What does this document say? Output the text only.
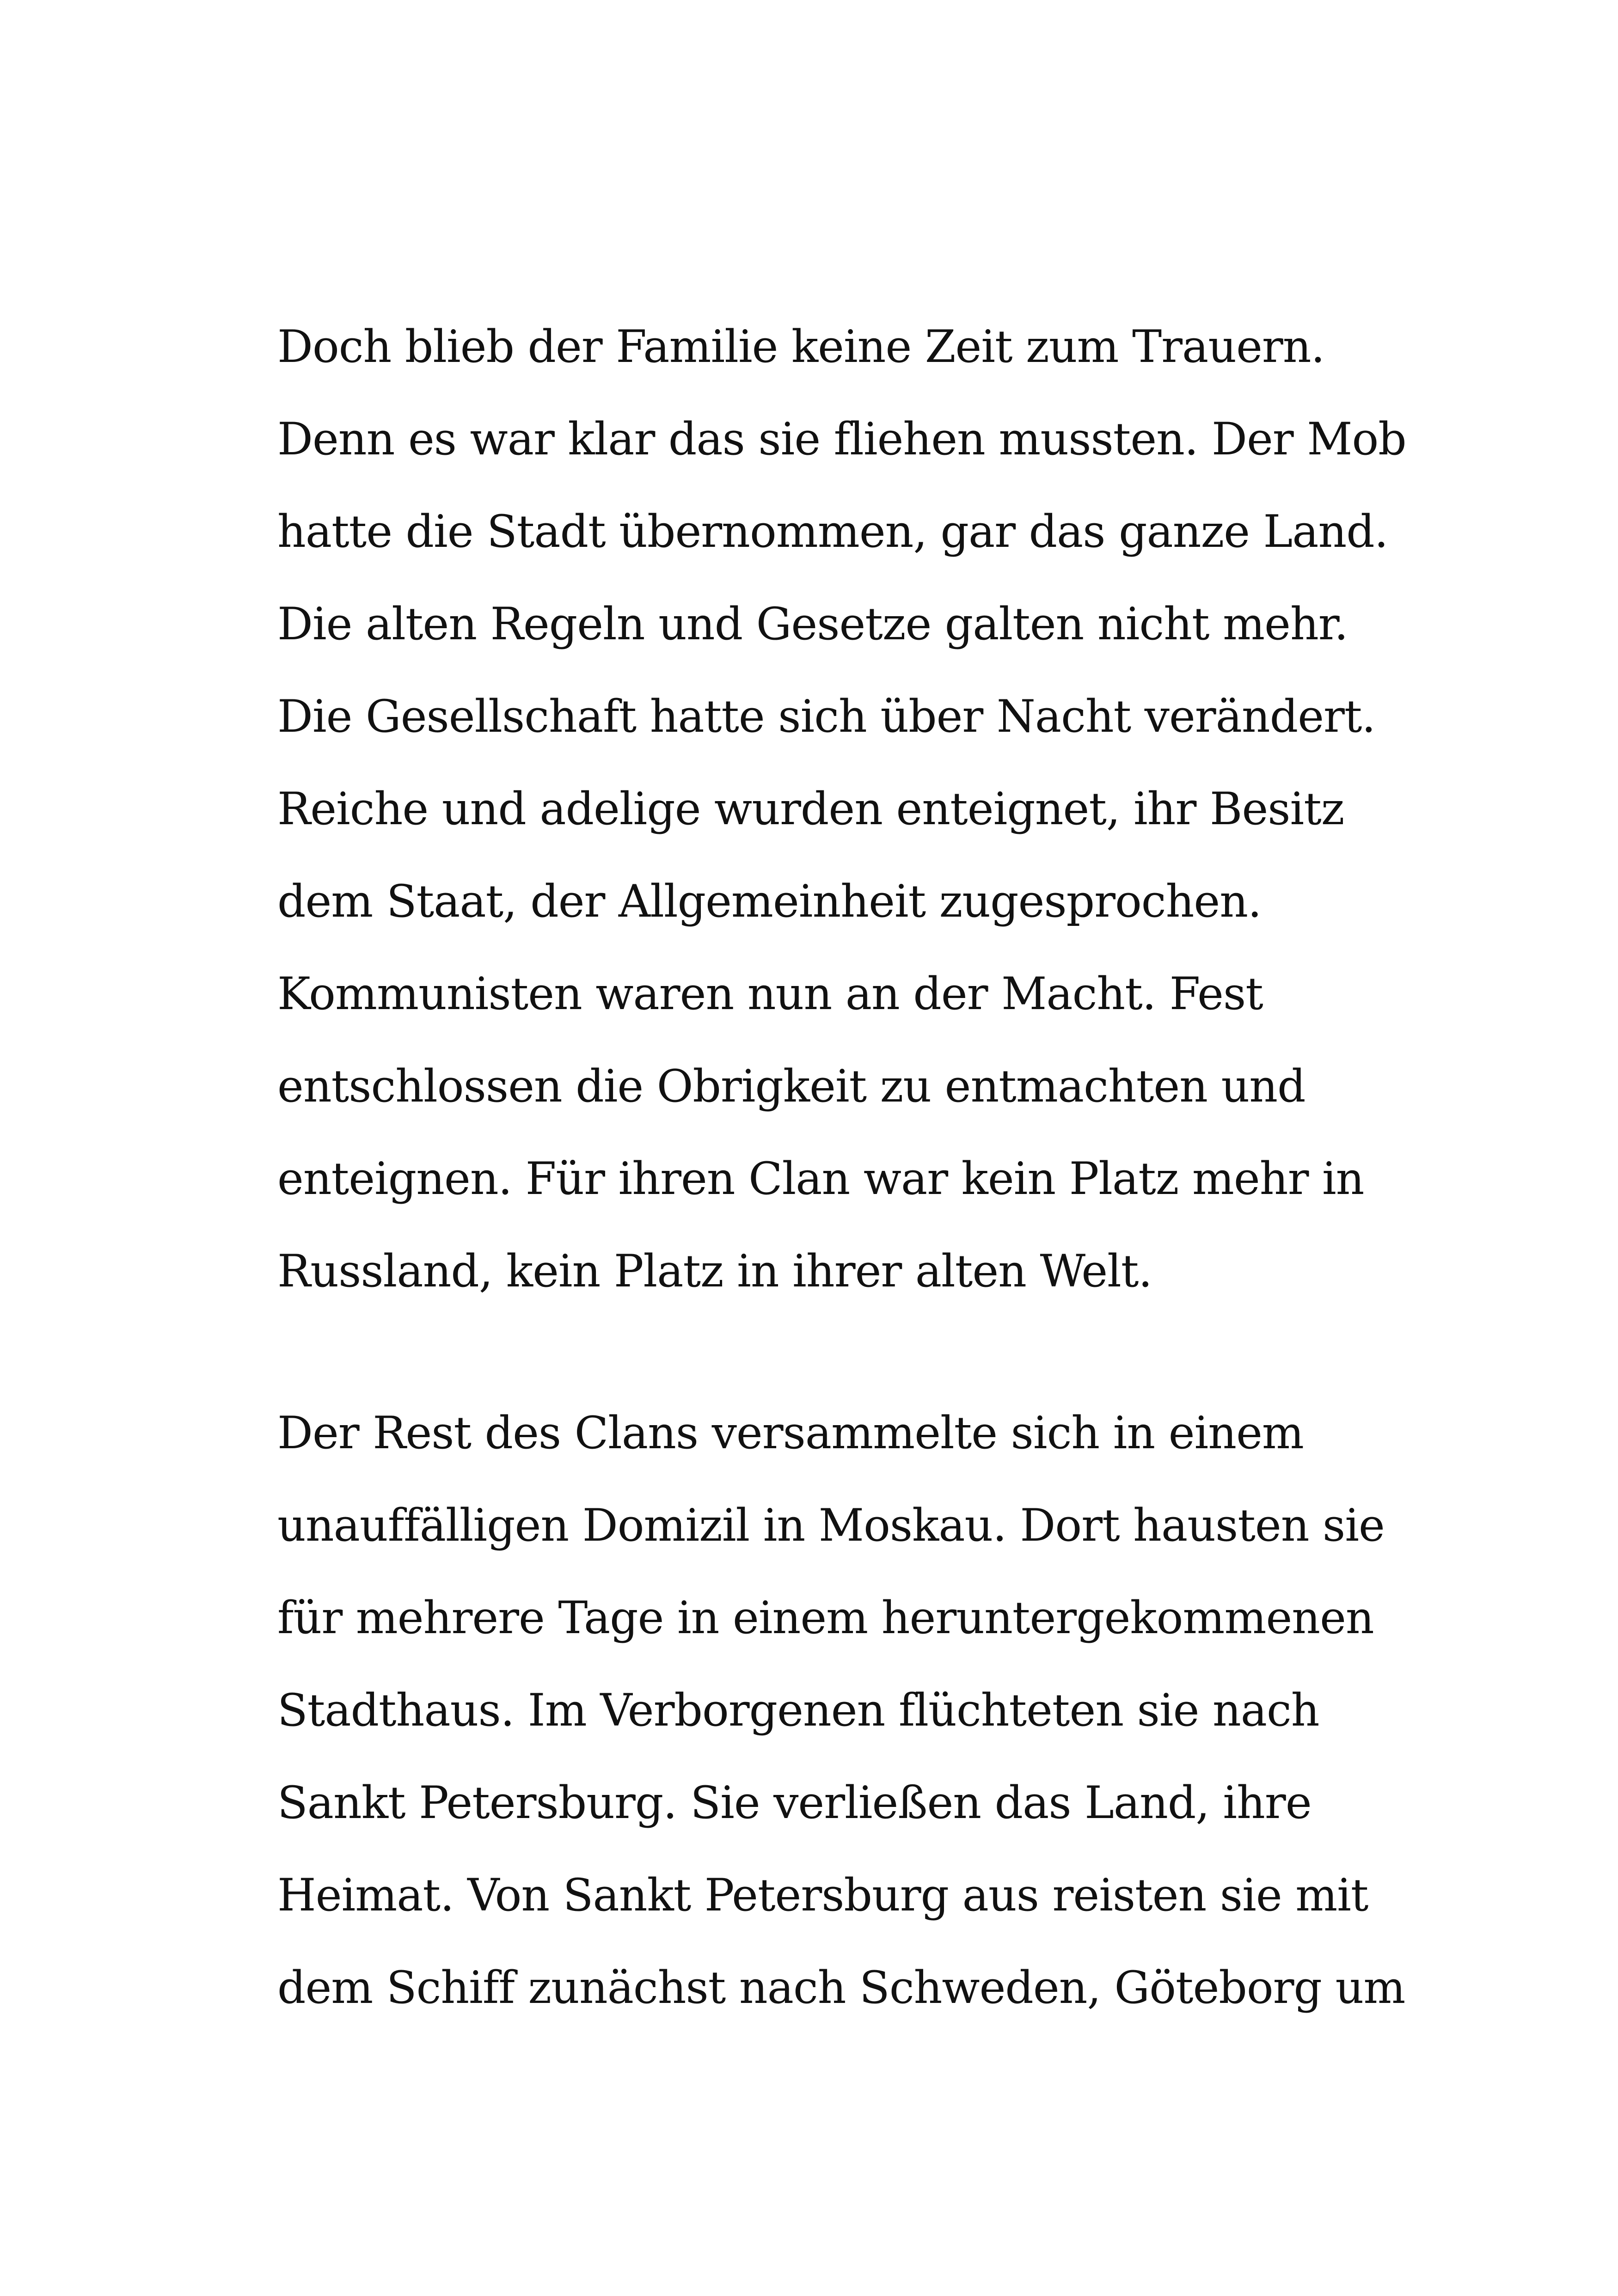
Doch blieb der Familie keine Zeit zum Trauern.
Denn es war klar das sie fliehen mussten. Der Mob
hatte die Stadt übernommen, gar das ganze Land.
Die alten Regeln und Gesetze galten nicht mehr.
Die Gesellschaft hatte sich über Nacht verändert.
Reiche und adelige wurden enteignet, ihr Besitz
dem Staat, der Allgemeinheit zugesprochen.
Kommunisten waren nun an der Macht. Fest
entschlossen die Obrigkeit zu entmachten und
enteignen. Für ihren Clan war kein Platz mehr in
Russland, kein Platz in ihrer alten Welt.
Der Rest des Clans versammelte sich in einem
unauffälligen Domizil in Moskau. Dort hausten sie
für mehrere Tage in einem heruntergekommenen
Stadthaus. Im Verborgenen flüchteten sie nach
Sankt Petersburg. Sie verließen das Land, ihre
Heimat. Von Sankt Petersburg aus reisten sie mit
dem Schiff zunächst nach Schweden, Göteborg um
